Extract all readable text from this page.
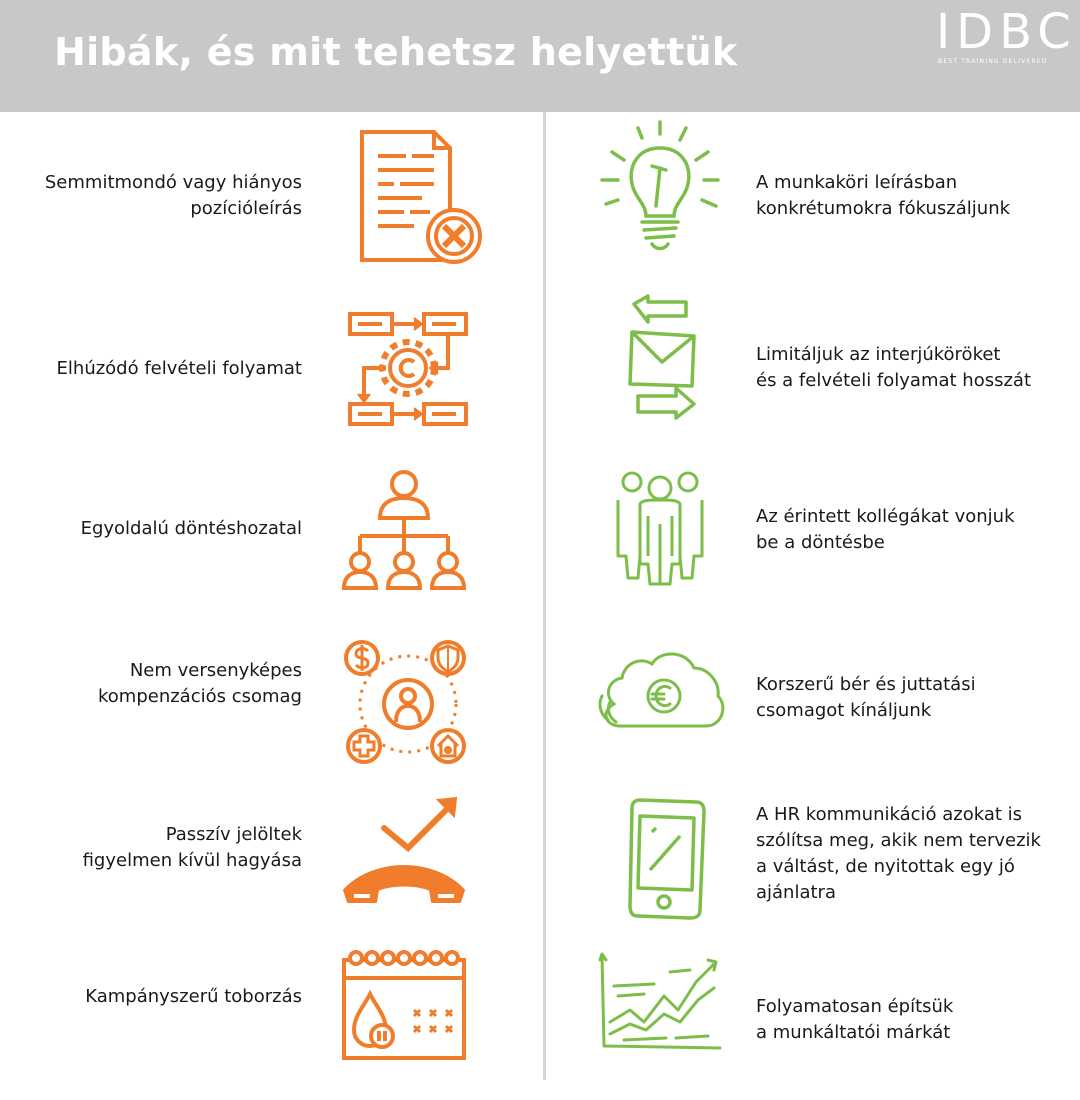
Hibák, és mit tehetsz helyettük	IDBC
BEST TRAINING DELIVERED
Semmitmondó vagy hiányos
pozícióleírás
A munkaköri leírásban
konkrétumokra fókuszáljunk
Elhúzódó felvételi folyamat
Limitáljuk az interjúköröket
és a felvételi folyamat hosszát
Egyoldalú döntéshozatal
Az érintett kollégákat vonjuk
be a döntésbe
Nem versenyképes
kompenzációs csomag
Korszerű bér és juttatási
csomagot kínáljunk
Passzív jelöltek
figyelmen kívül hagyása
A HR kommunikáció azokat is
szólítsa meg, akik nem tervezik
a váltást, de nyitottak egy jó
ajánlatra
Kampányszerű toborzás	Folyamatosan építsük
a munkáltatói márkát
